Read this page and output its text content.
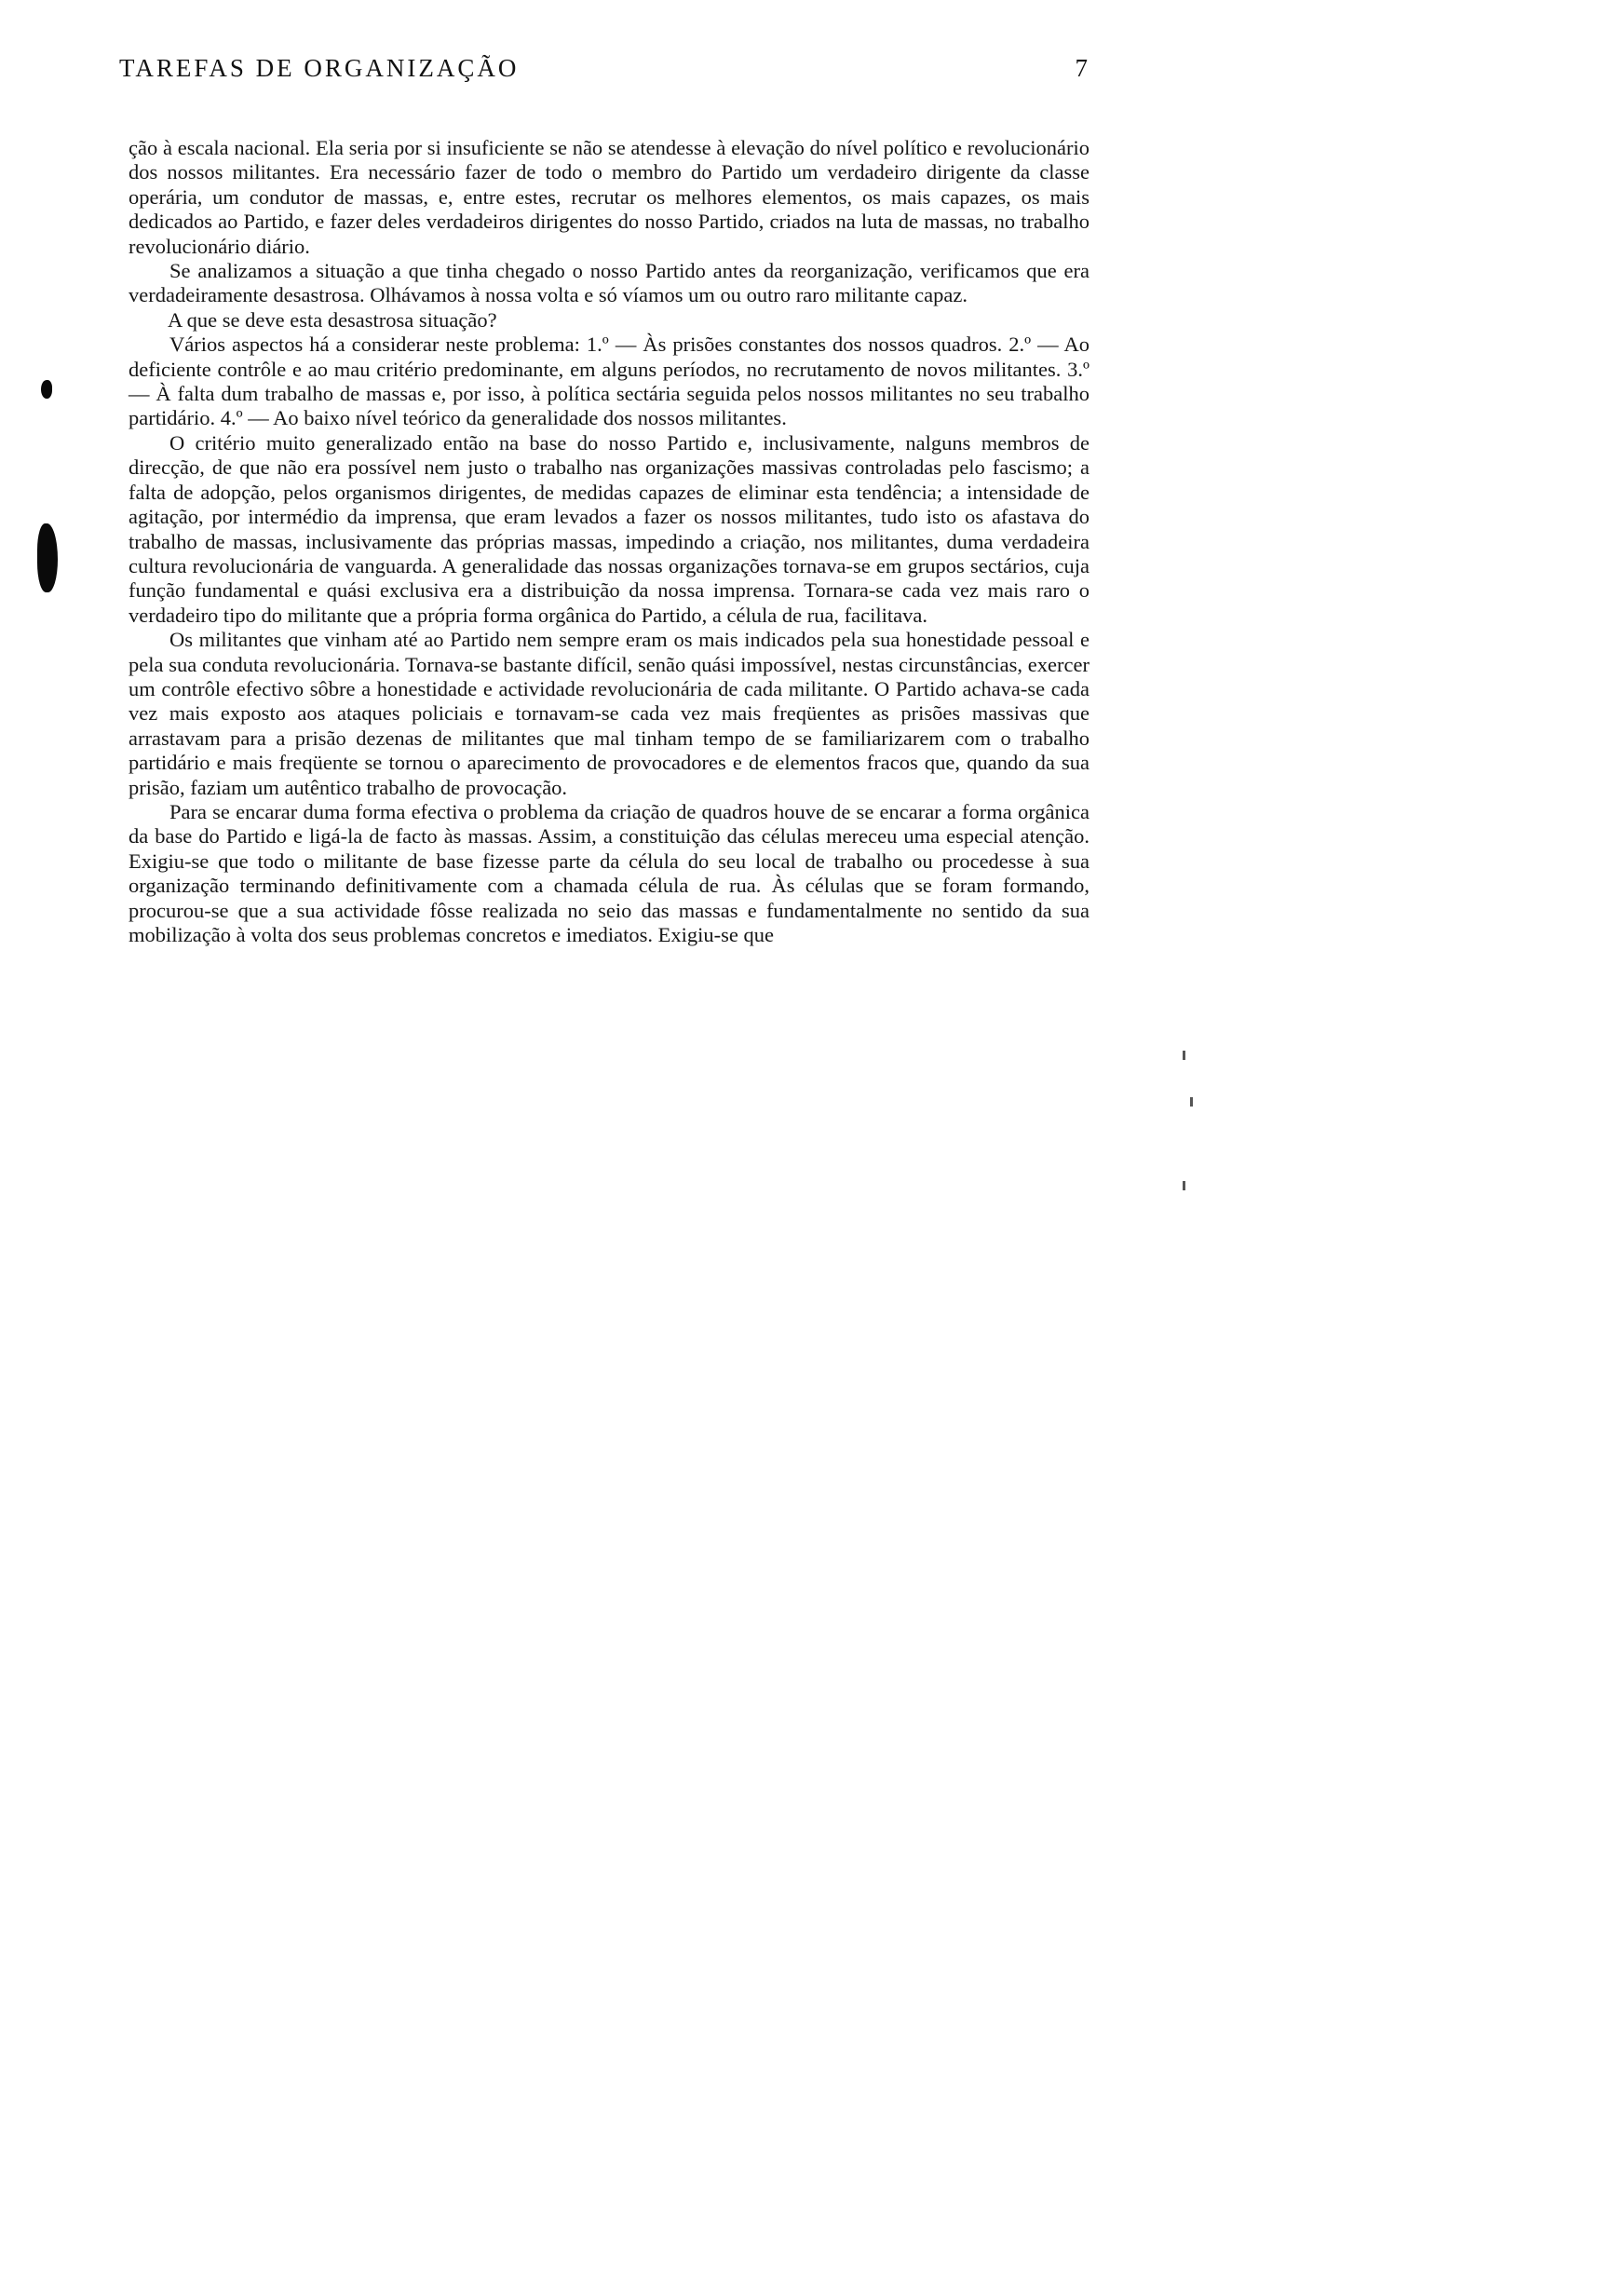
TAREFAS DE ORGANIZAÇÃO	7

ção à escala nacional. Ela seria por si insuficiente se não se atendesse à elevação do nível político e revolucionário dos nossos militantes. Era necessário fazer de todo o membro do Partido um verdadeiro dirigente da classe operária, um condutor de massas, e, entre estes, recrutar os melhores elementos, os mais capazes, os mais dedicados ao Partido, e fazer deles verdadeiros dirigentes do nosso Partido, criados na luta de massas, no trabalho revolucionário diário.

Se analizamos a situação a que tinha chegado o nosso Partido antes da reorganização, verificamos que era verdadeiramente desastrosa. Olhávamos à nossa volta e só víamos um ou outro raro militante capaz.

A que se deve esta desastrosa situação?

Vários aspectos há a considerar neste problema: 1.º — Às prisões constantes dos nossos quadros. 2.º — Ao deficiente contrôle e ao mau critério predominante, em alguns períodos, no recrutamento de novos militantes. 3.º — À falta dum trabalho de massas e, por isso, à política sectária seguida pelos nossos militantes no seu trabalho partidário. 4.º — Ao baixo nível teórico da generalidade dos nossos militantes.

O critério muito generalizado então na base do nosso Partido e, inclusivamente, nalguns membros de direcção, de que não era possível nem justo o trabalho nas organizações massivas controladas pelo fascismo; a falta de adopção, pelos organismos dirigentes, de medidas capazes de eliminar esta tendência; a intensidade de agitação, por intermédio da imprensa, que eram levados a fazer os nossos militantes, tudo isto os afastava do trabalho de massas, inclusivamente das próprias massas, impedindo a criação, nos militantes, duma verdadeira cultura revolucionária de vanguarda. A generalidade das nossas organizações tornava-se em grupos sectários, cuja função fundamental e quási exclusiva era a distribuição da nossa imprensa. Tornara-se cada vez mais raro o verdadeiro tipo do militante que a própria forma orgânica do Partido, a célula de rua, facilitava.

Os militantes que vinham até ao Partido nem sempre eram os mais indicados pela sua honestidade pessoal e pela sua conduta revolucionária. Tornava-se bastante difícil, senão quási impossível, nestas circunstâncias, exercer um contrôle efectivo sôbre a honestidade e actividade revolucionária de cada militante. O Partido achava-se cada vez mais exposto aos ataques policiais e tornavam-se cada vez mais freqüentes as prisões massivas que arrastavam para a prisão dezenas de militantes que mal tinham tempo de se familiarizarem com o trabalho partidário e mais freqüente se tornou o aparecimento de provocadores e de elementos fracos que, quando da sua prisão, faziam um autêntico trabalho de provocação.

Para se encarar duma forma efectiva o problema da criação de quadros houve de se encarar a forma orgânica da base do Partido e ligá-la de facto às massas. Assim, a constituição das células mereceu uma especial atenção. Exigiu-se que todo o militante de base fizesse parte da célula do seu local de trabalho ou procedesse à sua organização terminando definitivamente com a chamada célula de rua. Às células que se foram formando, procurou-se que a sua actividade fôsse realizada no seio das massas e fundamentalmente no sentido da sua mobilização à volta dos seus problemas concretos e imediatos. Exigiu-se que
